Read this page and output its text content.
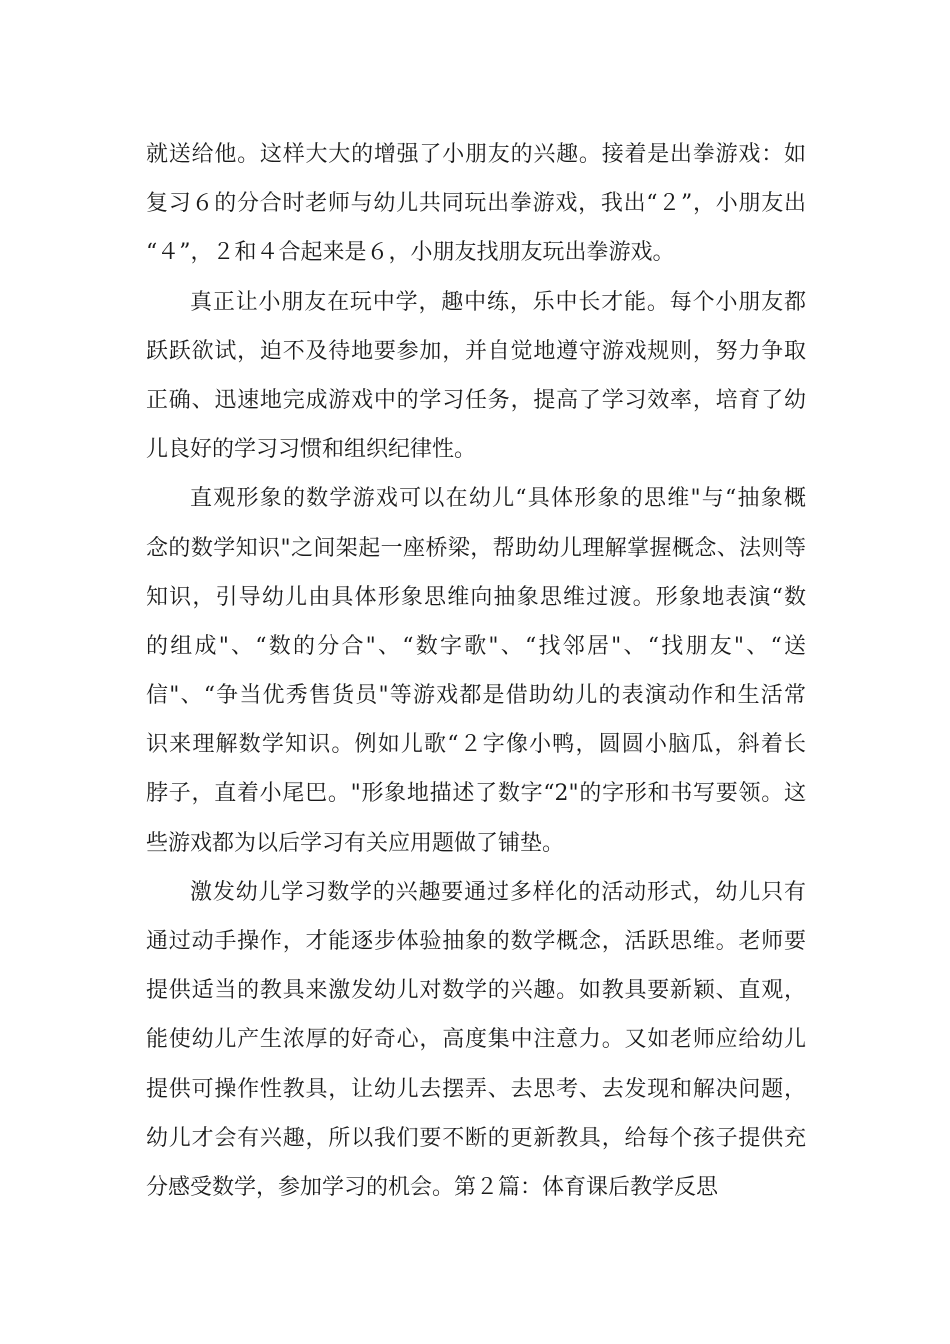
就送给他。这样大大的增强了小朋友的兴趣。接着是出拳游戏：如
复习６的分合时老师与幼儿共同玩出拳游戏，我出“２”，小朋友出
“４”，２和４合起来是６，小朋友找朋友玩出拳游戏。
真正让小朋友在玩中学，趣中练，乐中长才能。每个小朋友都
跃跃欲试，迫不及待地要参加，并自觉地遵守游戏规则，努力争取
正确、迅速地完成游戏中的学习任务，提高了学习效率，培育了幼
儿良好的学习习惯和组织纪律性。
直观形象的数学游戏可以在幼儿“具体形象的思维"与“抽象概
念的数学知识"之间架起一座桥梁，帮助幼儿理解掌握概念、法则等
知识，引导幼儿由具体形象思维向抽象思维过渡。形象地表演“数
的组成"、“数的分合"、“数字歌"、“找邻居"、“找朋友"、“送
信"、“争当优秀售货员"等游戏都是借助幼儿的表演动作和生活常
识来理解数学知识。例如儿歌“２字像小鸭，圆圆小脑瓜，斜着长
脖子，直着小尾巴。"形象地描述了数字“2"的字形和书写要领。这
些游戏都为以后学习有关应用题做了铺垫。
激发幼儿学习数学的兴趣要通过多样化的活动形式，幼儿只有
通过动手操作，才能逐步体验抽象的数学概念，活跃思维。老师要
提供适当的教具来激发幼儿对数学的兴趣。如教具要新颖、直观，
能使幼儿产生浓厚的好奇心，高度集中注意力。又如老师应给幼儿
提供可操作性教具，让幼儿去摆弄、去思考、去发现和解决问题，
幼儿才会有兴趣，所以我们要不断的更新教具，给每个孩子提供充
分感受数学，参加学习的机会。第２篇：体育课后教学反思
